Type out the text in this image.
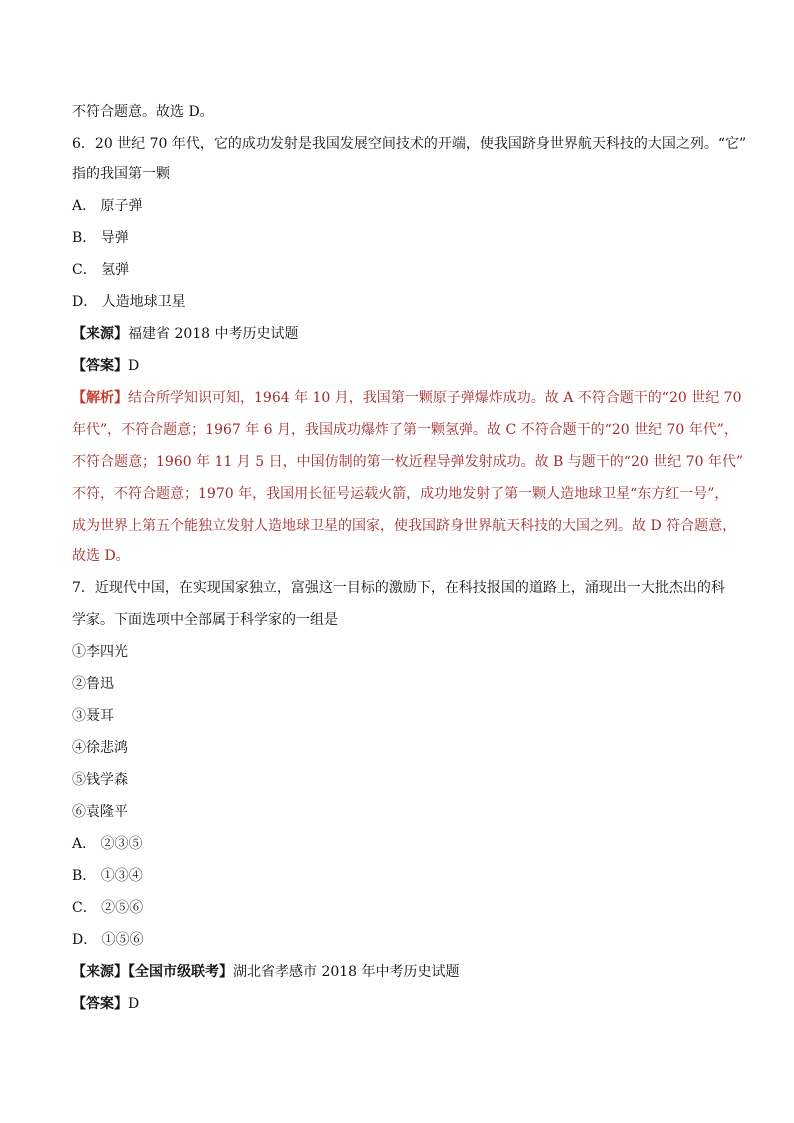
不符合题意。故选 D。
6．20 世纪 70 年代，它的成功发射是我国发展空间技术的开端，使我国跻身世界航天科技的大国之列。“它”
指的我国第一颗
A． 原子弹
B． 导弹
C． 氢弹
D． 人造地球卫星
【来源】福建省 2018 中考历史试题
【答案】D
【解析】结合所学知识可知，1964 年 10 月，我国第一颗原子弹爆炸成功。故 A 不符合题干的“20 世纪 70
年代”，不符合题意；1967 年 6 月，我国成功爆炸了第一颗氢弹。故 C 不符合题干的“20 世纪 70 年代”，
不符合题意；1960 年 11 月 5 日，中国仿制的第一枚近程导弹发射成功。故 B 与题干的“20 世纪 70 年代”
不符，不符合题意；1970 年，我国用长征号运载火箭，成功地发射了第一颗人造地球卫星“东方红一号”，
成为世界上第五个能独立发射人造地球卫星的国家，使我国跻身世界航天科技的大国之列。故 D 符合题意，
故选 D。
7．近现代中国，在实现国家独立，富强这一目标的激励下，在科技报国的道路上，涌现出一大批杰出的科
学家。下面选项中全部属于科学家的一组是
①李四光
②鲁迅
③聂耳
④徐悲鸿
⑤钱学森
⑥袁隆平
A． ②③⑤
B． ①③④
C． ②⑤⑥
D． ①⑤⑥
【来源】【全国市级联考】湖北省孝感市 2018 年中考历史试题
【答案】D
